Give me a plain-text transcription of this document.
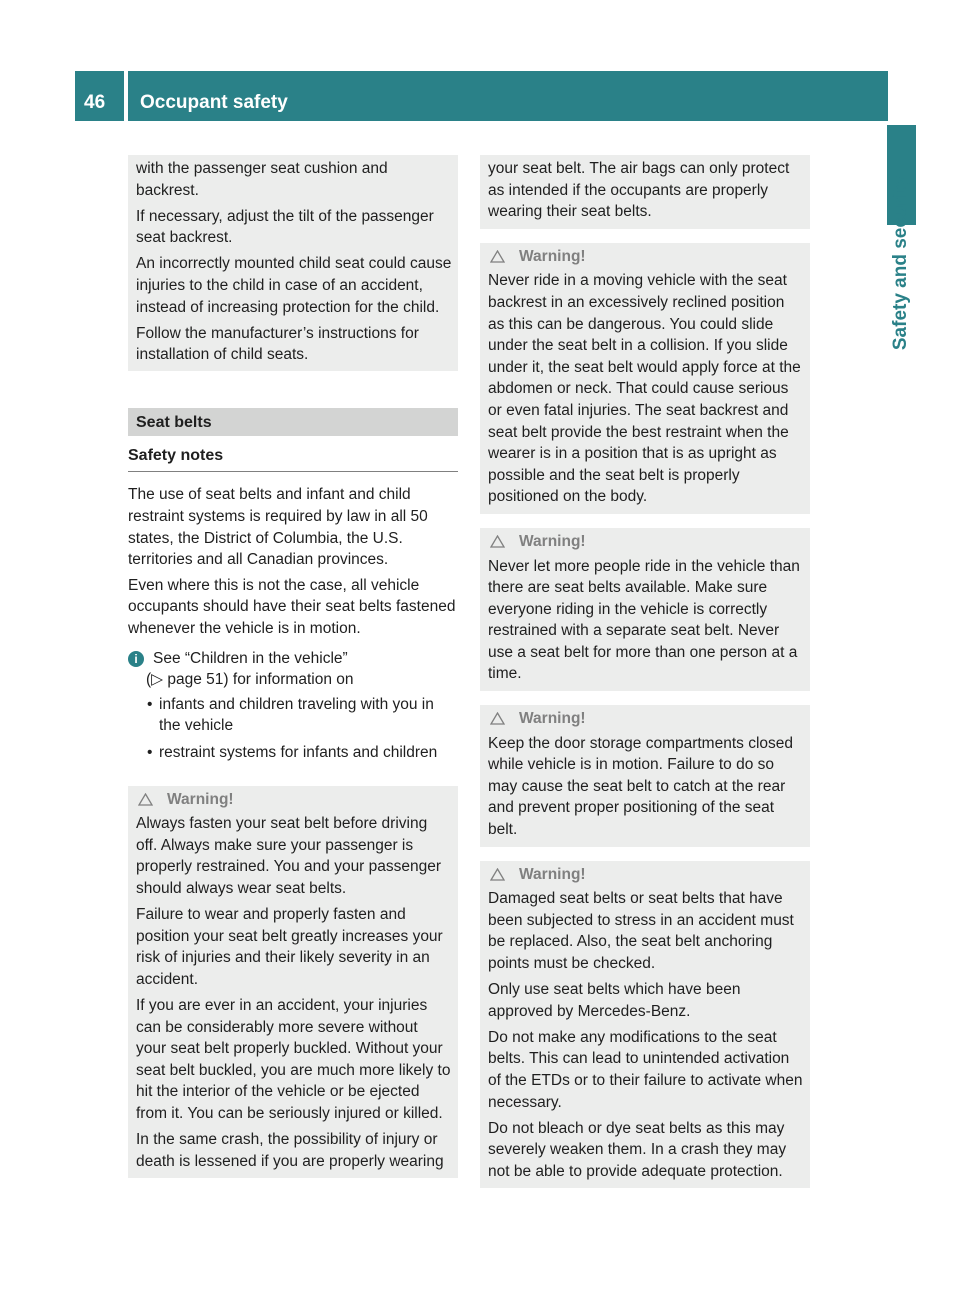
46 Occupant safety
Safety and security

with the passenger seat cushion and backrest.

If necessary, adjust the tilt of the passenger seat backrest.

An incorrectly mounted child seat could cause injuries to the child in case of an accident, instead of increasing protection for the child.

Follow the manufacturer’s instructions for installation of child seats.

Seat belts
Safety notes

The use of seat belts and infant and child restraint systems is required by law in all 50 states, the District of Columbia, the U.S. territories and all Canadian provinces.

Even where this is not the case, all vehicle occupants should have their seat belts fastened whenever the vehicle is in motion.

i See “Children in the vehicle”
(▷ page 51) for information on
• infants and children traveling with you in the vehicle
• restraint systems for infants and children
Warning!

Always fasten your seat belt before driving off. Always make sure your passenger is properly restrained. You and your passenger should always wear seat belts.

Failure to wear and properly fasten and position your seat belt greatly increases your risk of injuries and their likely severity in an accident.

If you are ever in an accident, your injuries can be considerably more severe without your seat belt properly buckled. Without your seat belt buckled, you are much more likely to hit the interior of the vehicle or be ejected from it. You can be seriously injured or killed.

In the same crash, the possibility of injury or death is lessened if you are properly wearing

your seat belt. The air bags can only protect as intended if the occupants are properly wearing their seat belts.

Warning!

Never ride in a moving vehicle with the seat backrest in an excessively reclined position as this can be dangerous. You could slide under the seat belt in a collision. If you slide under it, the seat belt would apply force at the abdomen or neck. That could cause serious or even fatal injuries. The seat backrest and seat belt provide the best restraint when the wearer is in a position that is as upright as possible and the seat belt is properly positioned on the body.

Warning!

Never let more people ride in the vehicle than there are seat belts available. Make sure everyone riding in the vehicle is correctly restrained with a separate seat belt. Never use a seat belt for more than one person at a time.

Warning!

Keep the door storage compartments closed while vehicle is in motion. Failure to do so may cause the seat belt to catch at the rear and prevent proper positioning of the seat belt.

Warning!

Damaged seat belts or seat belts that have been subjected to stress in an accident must be replaced. Also, the seat belt anchoring points must be checked.

Only use seat belts which have been approved by Mercedes-Benz.

Do not make any modifications to the seat belts. This can lead to unintended activation of the ETDs or to their failure to activate when necessary.

Do not bleach or dye seat belts as this may severely weaken them. In a crash they may not be able to provide adequate protection.
